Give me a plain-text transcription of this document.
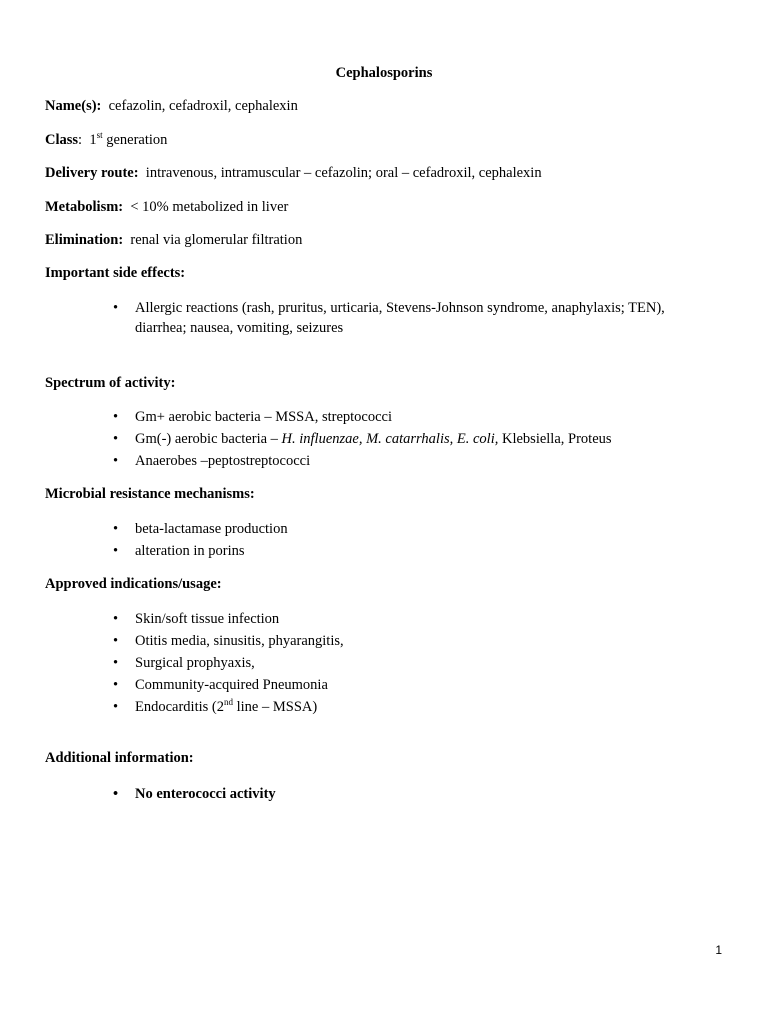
Cephalosporins
Name(s): cefazolin, cefadroxil, cephalexin
Class: 1st generation
Delivery route: intravenous, intramuscular – cefazolin; oral – cefadroxil, cephalexin
Metabolism: < 10% metabolized in liver
Elimination: renal via glomerular filtration
Important side effects:
• Allergic reactions (rash, pruritus, urticaria, Stevens-Johnson syndrome, anaphylaxis; TEN), diarrhea; nausea, vomiting, seizures
Spectrum of activity:
• Gm+ aerobic bacteria – MSSA, streptococci
• Gm(-) aerobic bacteria – H. influenzae, M. catarrhalis, E. coli, Klebsiella, Proteus
• Anaerobes –peptostreptococci
Microbial resistance mechanisms:
• beta-lactamase production
• alteration in porins
Approved indications/usage:
• Skin/soft tissue infection
• Otitis media, sinusitis, phyarangitis,
• Surgical prophyaxis,
• Community-acquired Pneumonia
• Endocarditis (2nd line – MSSA)
Additional information:
• No enterococci activity
1
